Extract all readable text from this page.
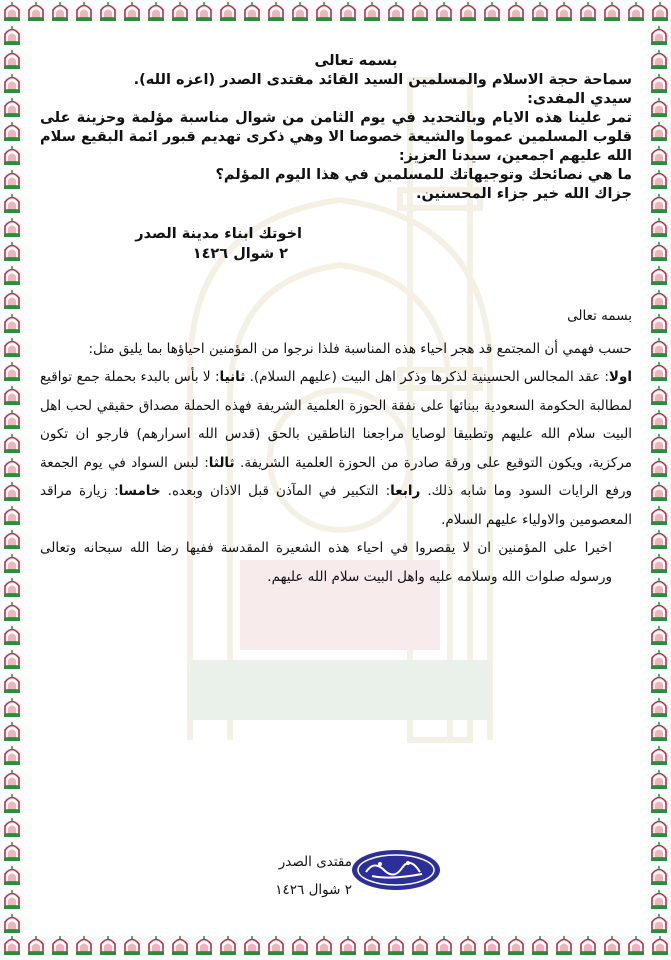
بسمه تعالى

سماحة حجة الاسلام والمسلمين السيد القائد مقتدى الصدر (اعزه الله).

سيدي المفدى:

تمر علينا هذه الايام وبالتحديد في يوم الثامن من شوال مناسبة مؤلمة وحزينة على قلوب المسلمين عموما والشيعة خصوصا الا وهي ذكرى تهديم قبور ائمة البقيع سلام الله عليهم اجمعين، سيدنا العزيز:

ما هي نصائحك وتوجيهاتك للمسلمين في هذا اليوم المؤلم؟

جزاك الله خير جزاء المحسنين.

اخوتك ابناء مدينة الصدر
٢ شوال ١٤٢٦

بسمه تعالى

حسب فهمي أن المجتمع قد هجر احياء هذه المناسبة فلذا نرجوا من المؤمنين احياؤها بما يليق مثل:

اولا: عقد المجالس الحسينية لذكرها وذكر اهل البيت (عليهم السلام). ثانيا: لا بأس بالبدء بحملة جمع تواقيع لمطالبة الحكومة السعودية ببنائها على نفقة الحوزة العلمية الشريفة فهذه الحملة مصداق حقيقي لحب اهل البيت سلام الله عليهم وتطبيقا لوصايا مراجعنا الناطقين بالحق (قدس الله اسرارهم) فارجو ان تكون مركزية، ويكون التوقيع على ورقة صادرة من الحوزة العلمية الشريفة. ثالثا: لبس السواد في يوم الجمعة ورفع الرايات السود وما شابه ذلك. رابعا: التكبير في المآذن قبل الاذان وبعده. خامسا: زيارة مراقد المعصومين والاولياء عليهم السلام.

اخيرا على المؤمنين ان لا يقصروا في احياء هذه الشعيرة المقدسة ففيها رضا الله سبحانه وتعالى ورسوله صلوات الله وسلامه عليه واهل البيت سلام الله عليهم.

مقتدى الصدر
٢ شوال ١٤٢٦
